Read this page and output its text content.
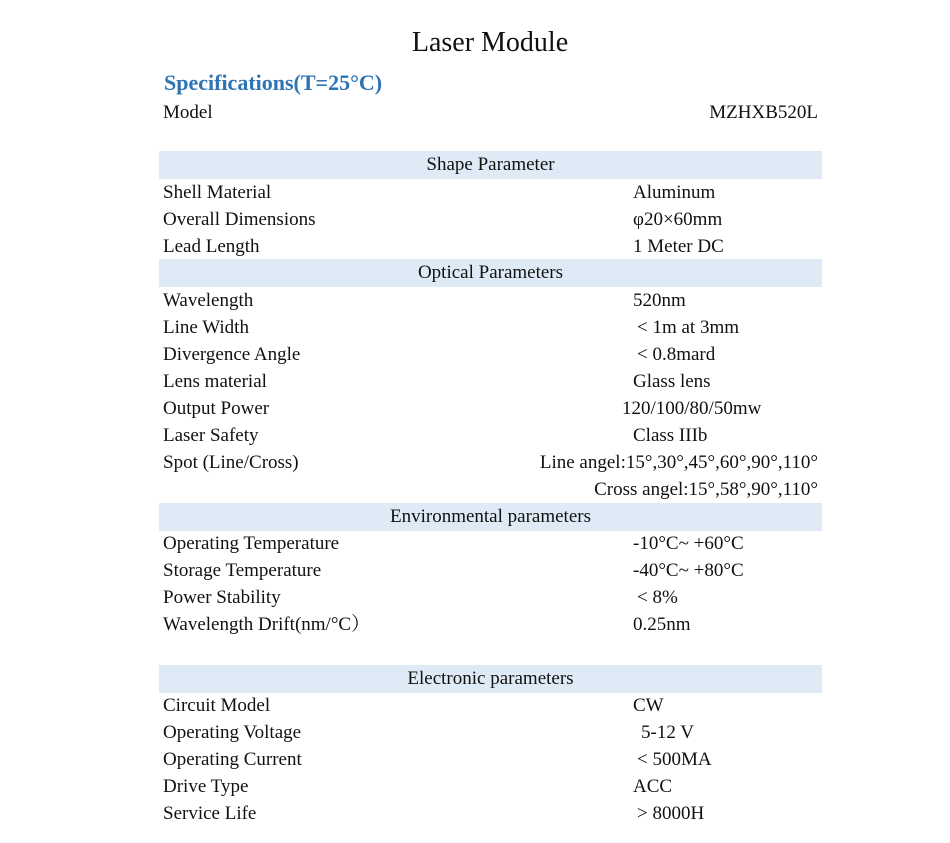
Laser Module
Specifications(T=25°C)
Model	MZHXB520L
Shape Parameter
Shell Material	Aluminum
Overall Dimensions	φ20×60mm
Lead Length	1 Meter DC
Optical Parameters
Wavelength	520nm
Line Width	< 1m at 3mm
Divergence Angle	< 0.8mard
Lens material	Glass lens
Output Power	120/100/80/50mw
Laser Safety	Class IIIb
Spot (Line/Cross)	Line angel:15°,30°,45°,60°,90°,110°
Cross angel:15°,58°,90°,110°
Environmental parameters
Operating Temperature	-10°C~ +60°C
Storage Temperature	-40°C~ +80°C
Power Stability	< 8%
Wavelength Drift(nm/°C）	0.25nm
Electronic parameters
Circuit Model	CW
Operating Voltage	5-12 V
Operating Current	< 500MA
Drive Type	ACC
Service Life	> 8000H
